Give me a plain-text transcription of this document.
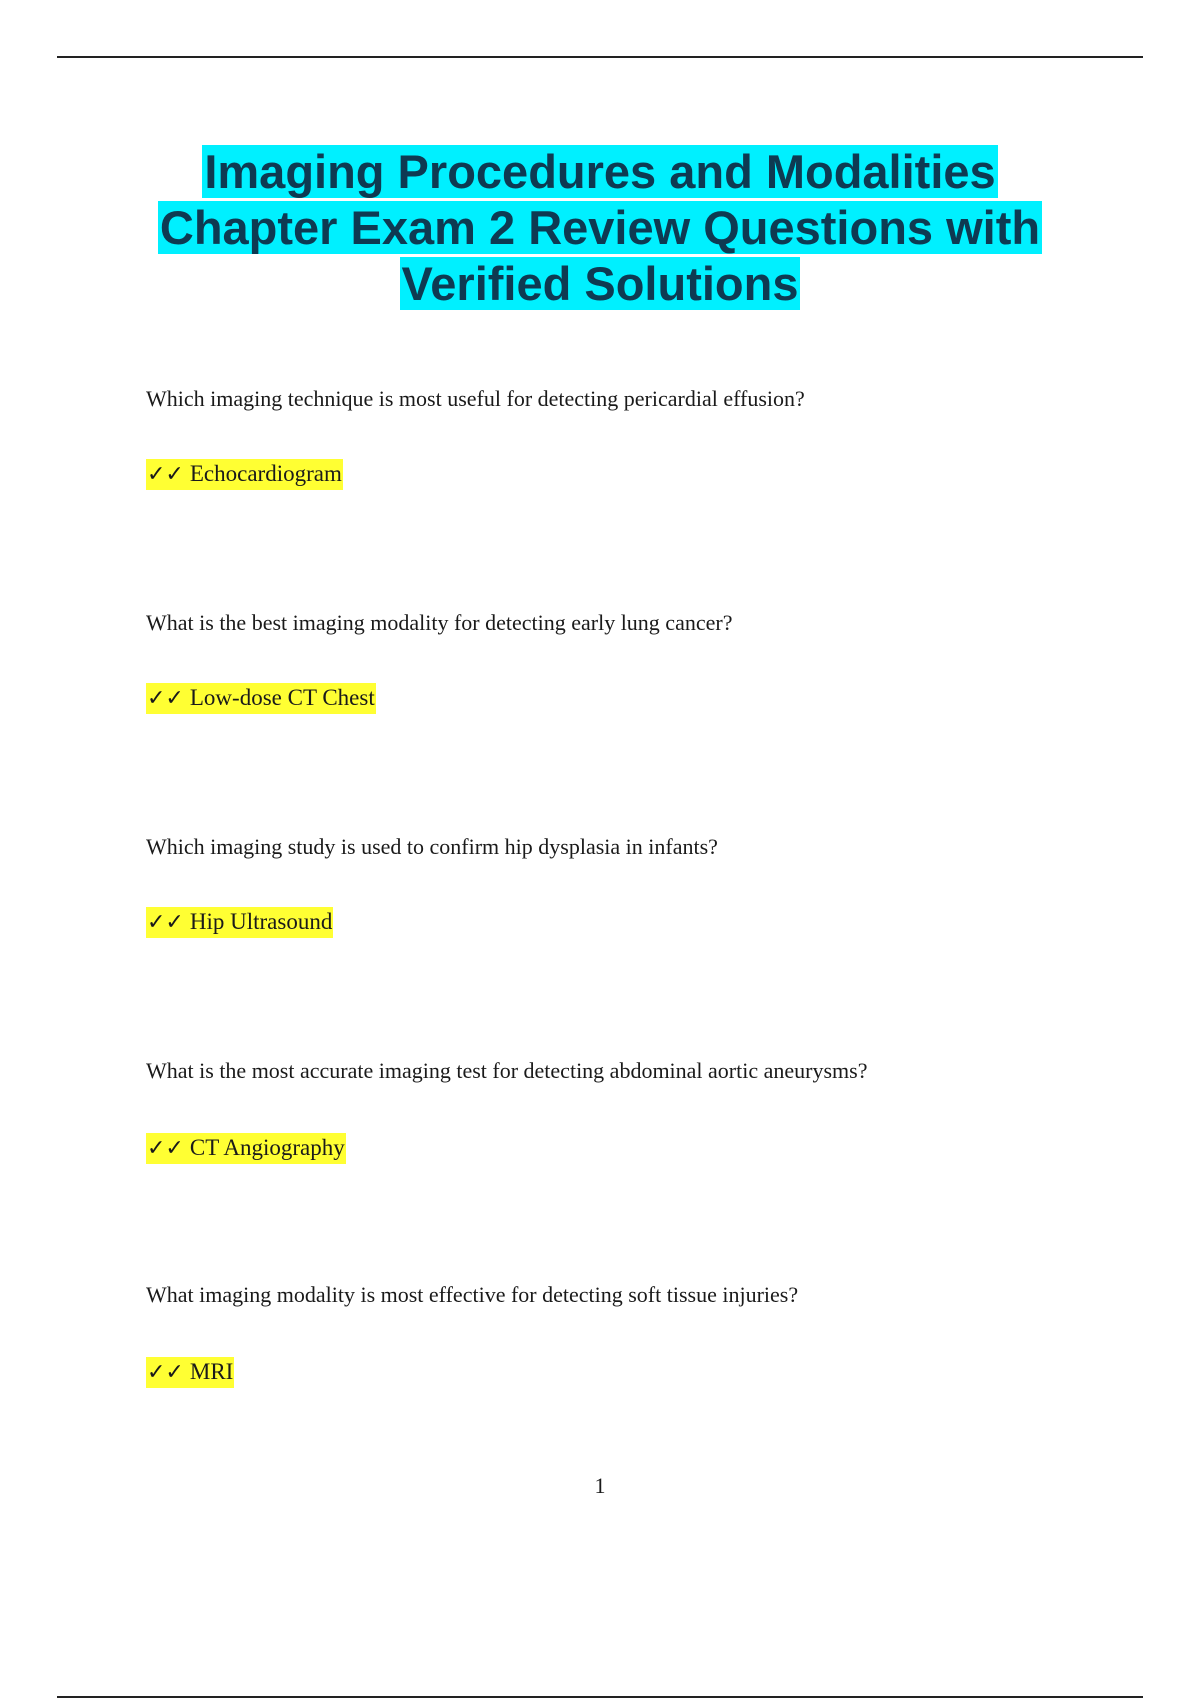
Imaging Procedures and Modalities
Chapter Exam 2 Review Questions with
Verified Solutions
Which imaging technique is most useful for detecting pericardial effusion?
✓✓ Echocardiogram
What is the best imaging modality for detecting early lung cancer?
✓✓ Low-dose CT Chest
Which imaging study is used to confirm hip dysplasia in infants?
✓✓ Hip Ultrasound
What is the most accurate imaging test for detecting abdominal aortic aneurysms?
✓✓ CT Angiography
What imaging modality is most effective for detecting soft tissue injuries?
✓✓ MRI
1
